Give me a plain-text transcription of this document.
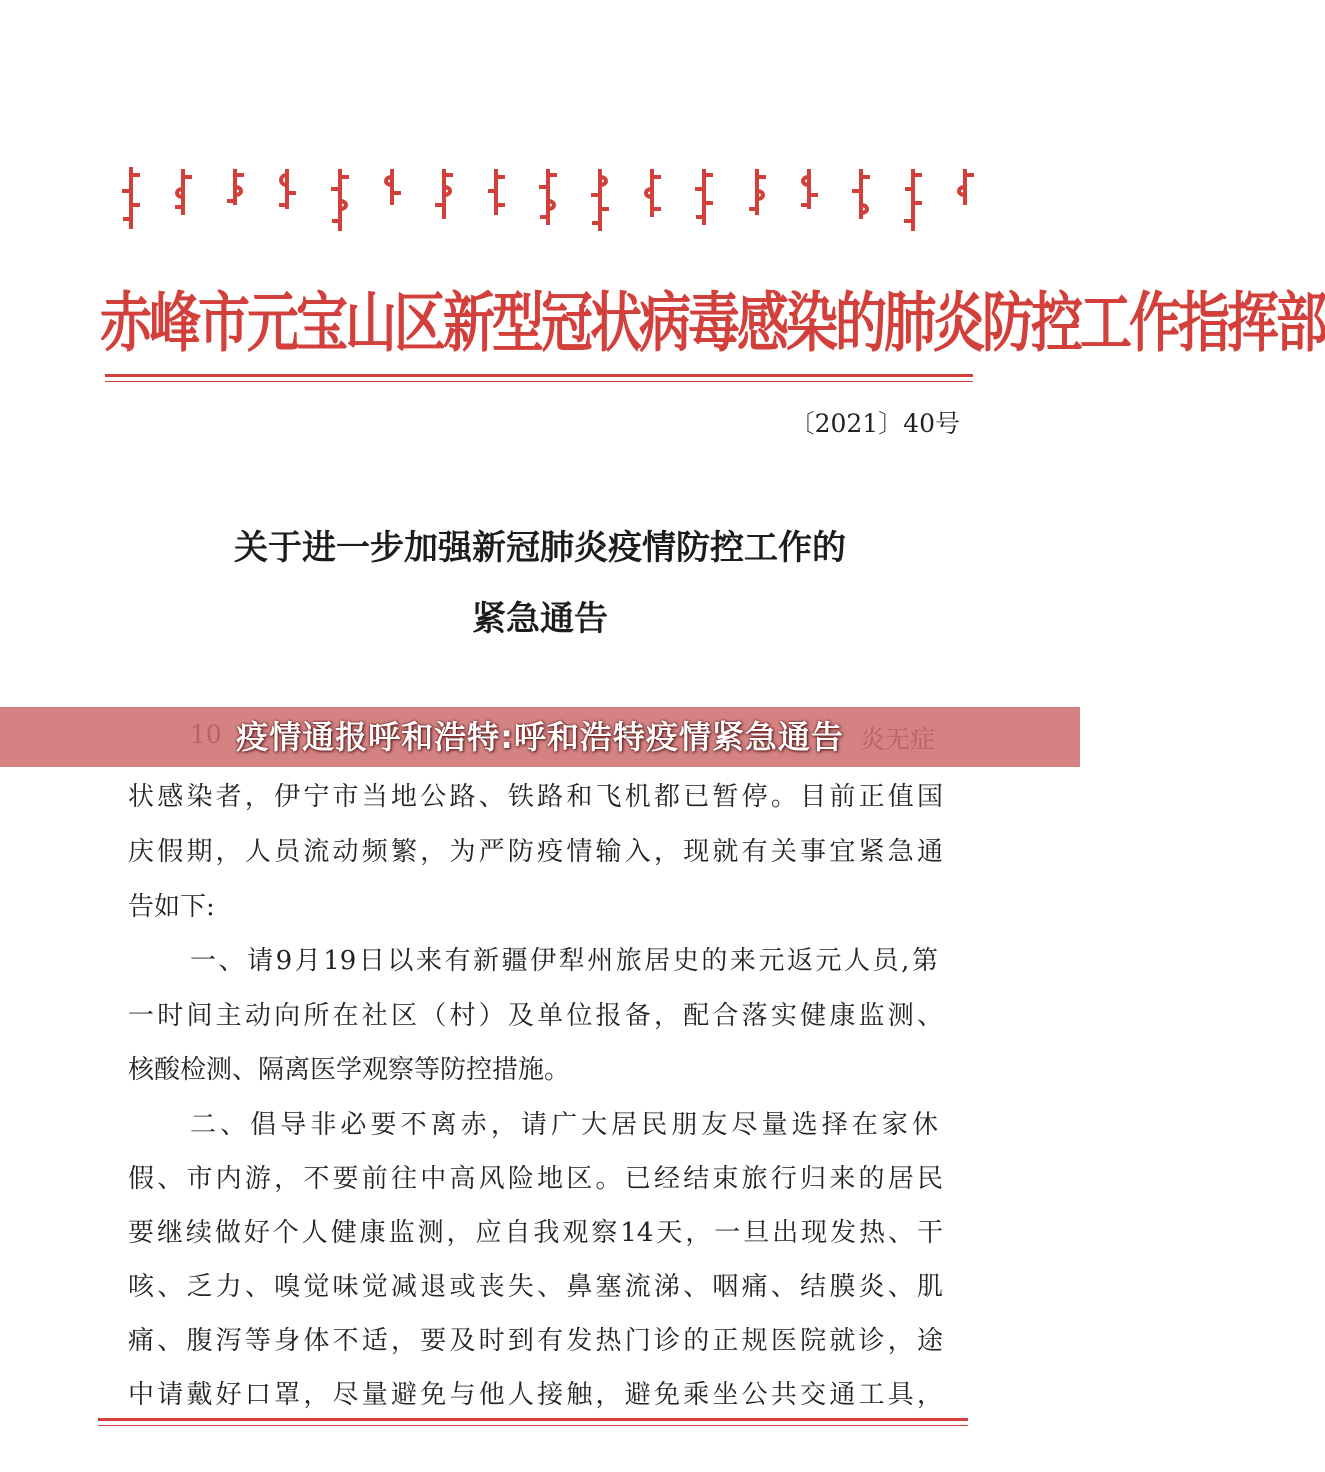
赤峰市元宝山区新型冠状病毒感染的肺炎防控工作指挥部
〔2021〕40号
关于进一步加强新冠肺炎疫情防控工作的
紧急通告
疫情通报呼和浩特:呼和浩特疫情紧急通告
状感染者，伊宁市当地公路、铁路和飞机都已暂停。目前正值国
庆假期，人员流动频繁，为严防疫情输入，现就有关事宜紧急通
告如下:
一、请9月19日以来有新疆伊犁州旅居史的来元返元人员,第
一时间主动向所在社区（村）及单位报备，配合落实健康监测、
核酸检测、隔离医学观察等防控措施。
二、倡导非必要不离赤，请广大居民朋友尽量选择在家休
假、市内游，不要前往中高风险地区。已经结束旅行归来的居民
要继续做好个人健康监测，应自我观察14天，一旦出现发热、干
咳、乏力、嗅觉味觉减退或丧失、鼻塞流涕、咽痛、结膜炎、肌
痛、腹泻等身体不适，要及时到有发热门诊的正规医院就诊，途
中请戴好口罩，尽量避免与他人接触，避免乘坐公共交通工具，
